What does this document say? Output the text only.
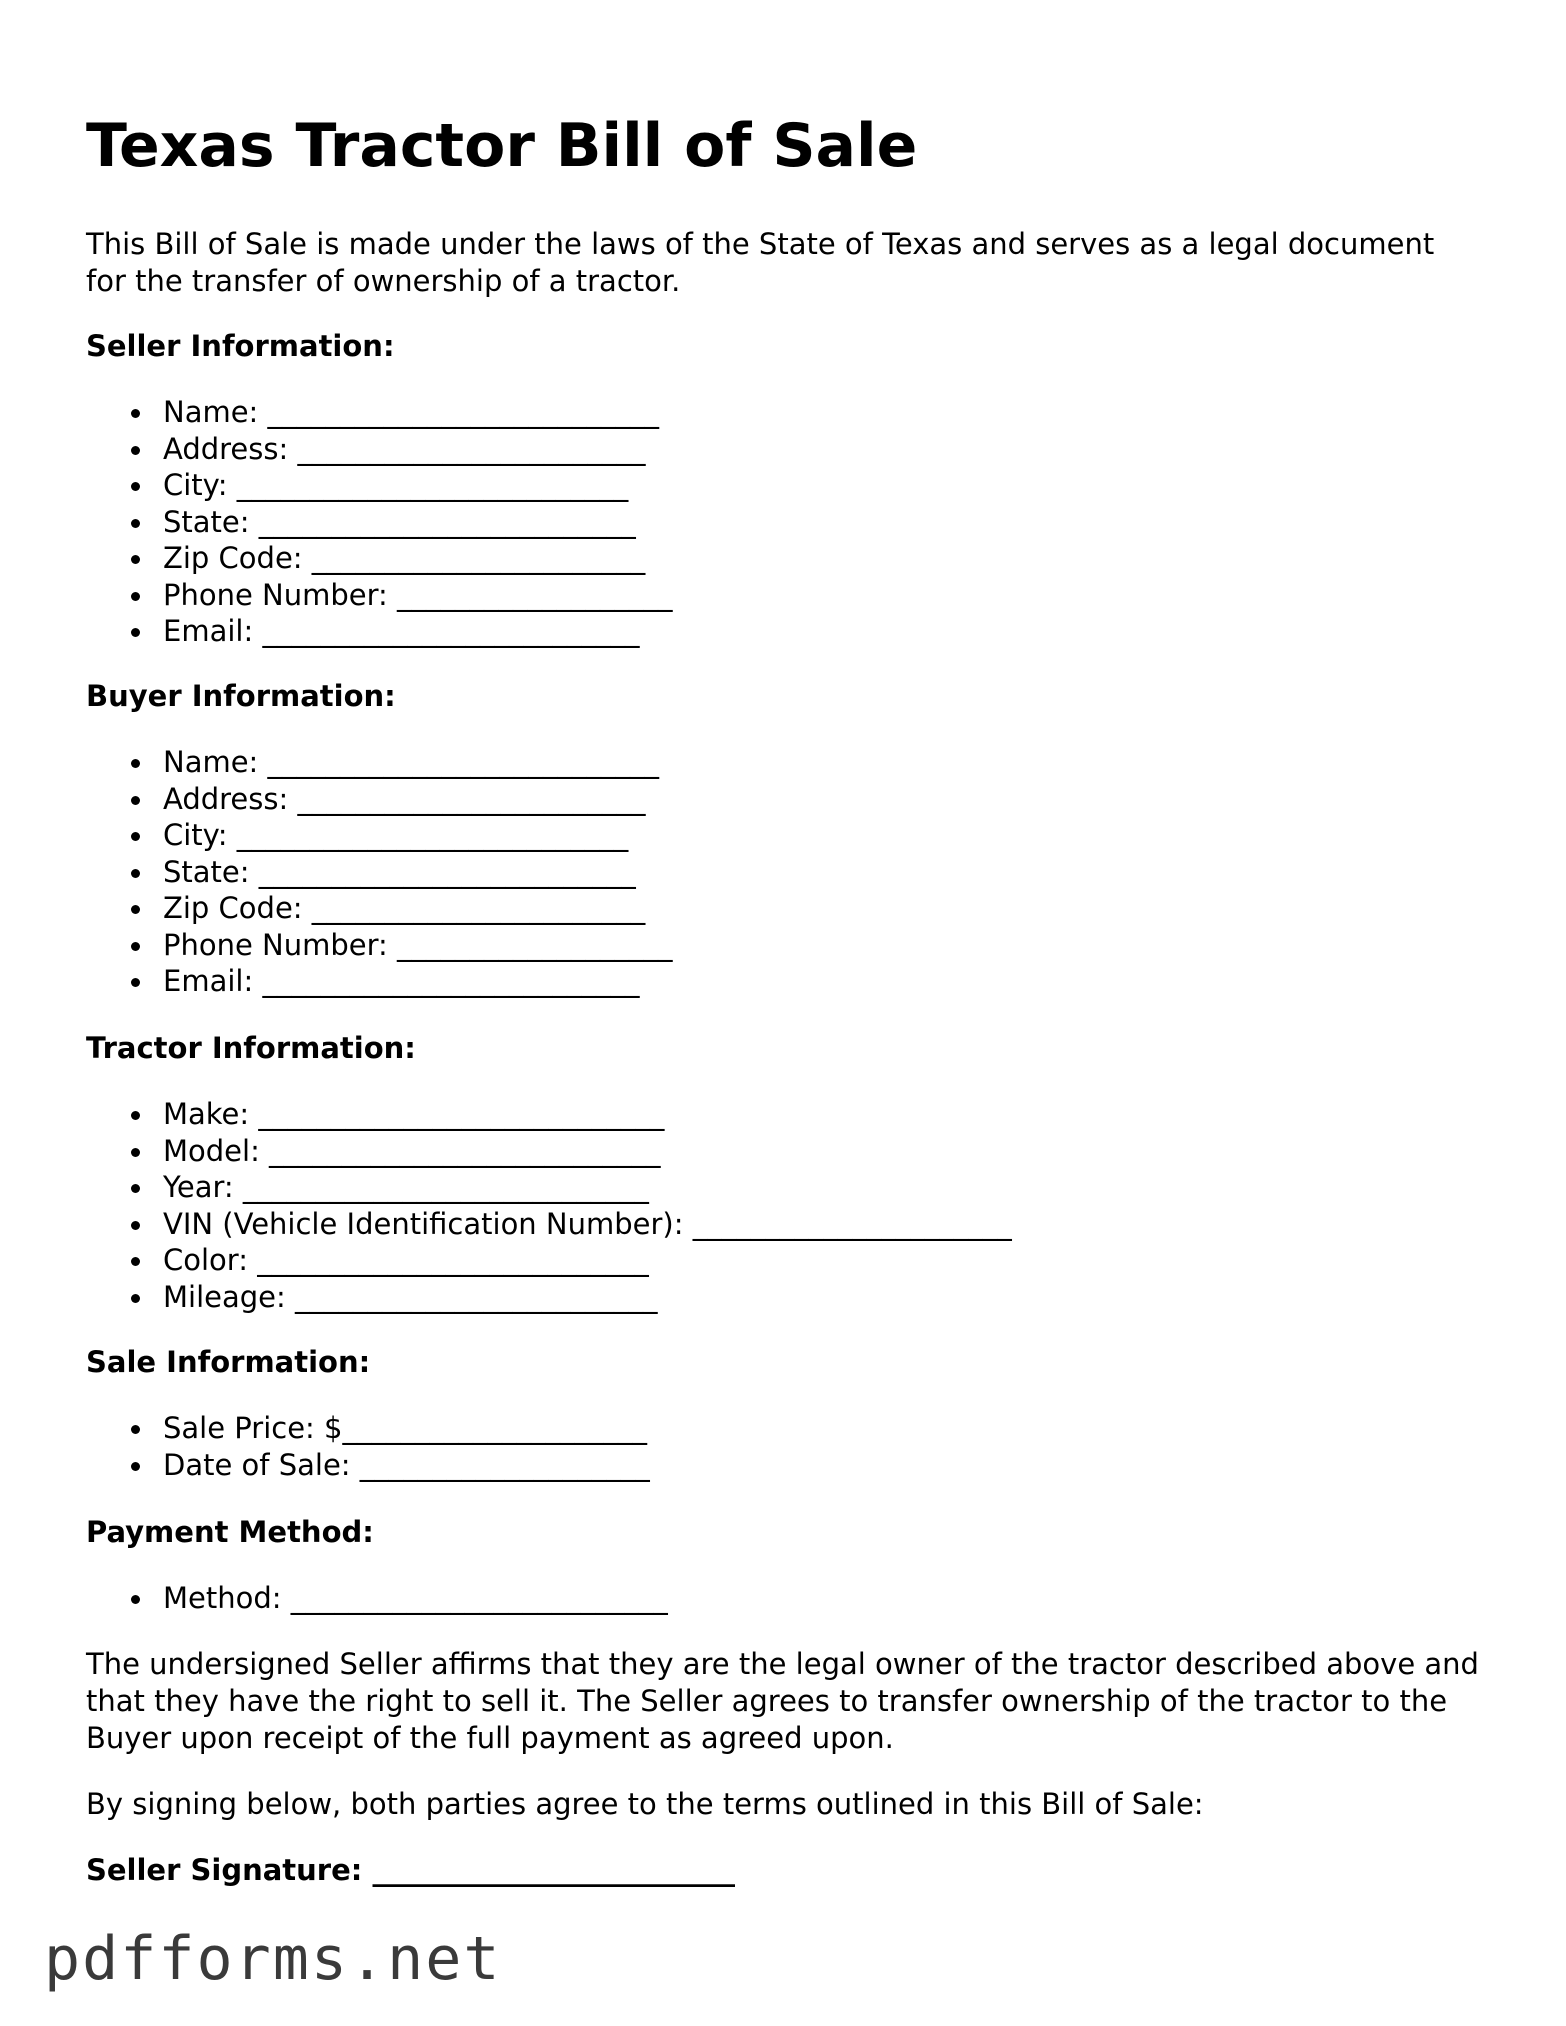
Texas Tractor Bill of Sale

This Bill of Sale is made under the laws of the State of Texas and serves as a legal document for the transfer of ownership of a tractor.

Seller Information:

Name: ___________________________
Address: ________________________
City: ___________________________
State: __________________________
Zip Code: _______________________
Phone Number: ___________________
Email: __________________________

Buyer Information:

Name: ___________________________
Address: ________________________
City: ___________________________
State: __________________________
Zip Code: _______________________
Phone Number: ___________________
Email: __________________________

Tractor Information:

Make: ____________________________
Model: ___________________________
Year: ____________________________
VIN (Vehicle Identification Number): ______________________
Color: ___________________________
Mileage: _________________________

Sale Information:

Sale Price: $_____________________
Date of Sale: ____________________

Payment Method:

Method: __________________________

The undersigned Seller affirms that they are the legal owner of the tractor described above and that they have the right to sell it. The Seller agrees to transfer ownership of the tractor to the Buyer upon receipt of the full payment as agreed upon.

By signing below, both parties agree to the terms outlined in this Bill of Sale:

Seller Signature: _________________________

pdfforms.net
